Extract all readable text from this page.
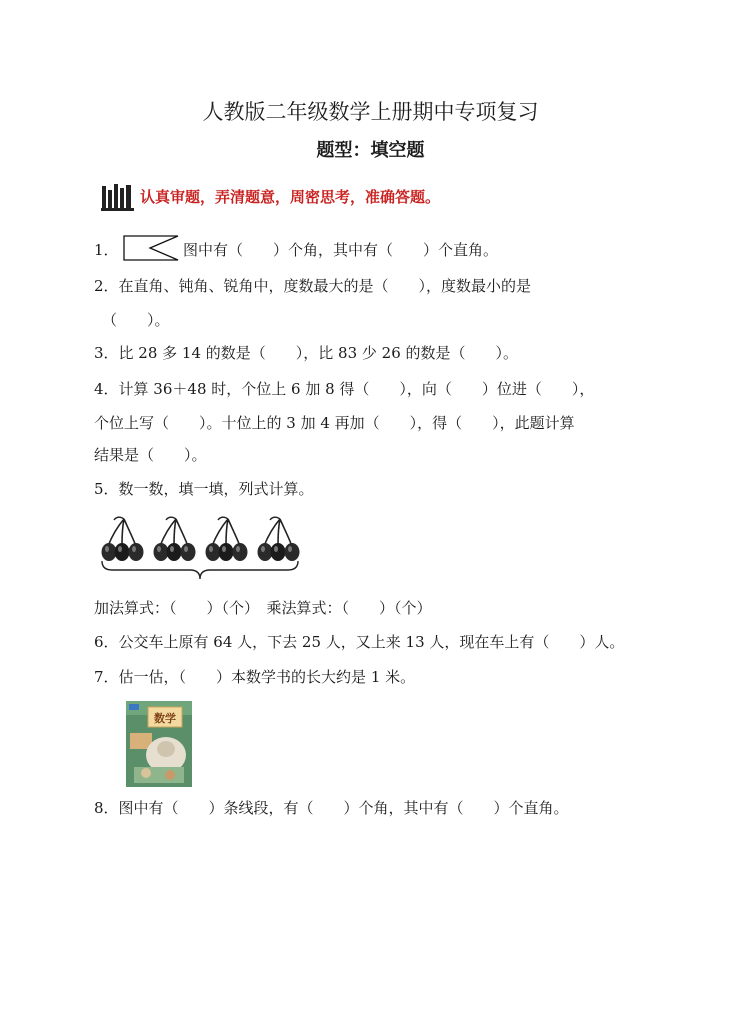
人教版二年级数学上册期中专项复习
题型：填空题
认真审题，弄清题意，周密思考，准确答题。
1．	图中有（　　）个角，其中有（　　）个直角。
2．在直角、钝角、锐角中，度数最大的是（　　），度数最小的是
（　　）。
3．比 28 多 14 的数是（　　），比 83 少 26 的数是（　　）。
4．计算 36＋48 时，个位上 6 加 8 得（　　），向（　　）位进（　　），
个位上写（　　）。十位上的 3 加 4 再加（　　），得（　　），此题计算
结果是（　　）。
5．数一数，填一填，列式计算。
加法算式：（　　）（个）　乘法算式：（　　）（个）
6．公交车上原有 64 人，下去 25 人，又上来 13 人，现在车上有（　　）人。
7．估一估，（　　）本数学书的长大约是 1 米。
数学
8．图中有（　　）条线段，有（　　）个角，其中有（　　）个直角。
